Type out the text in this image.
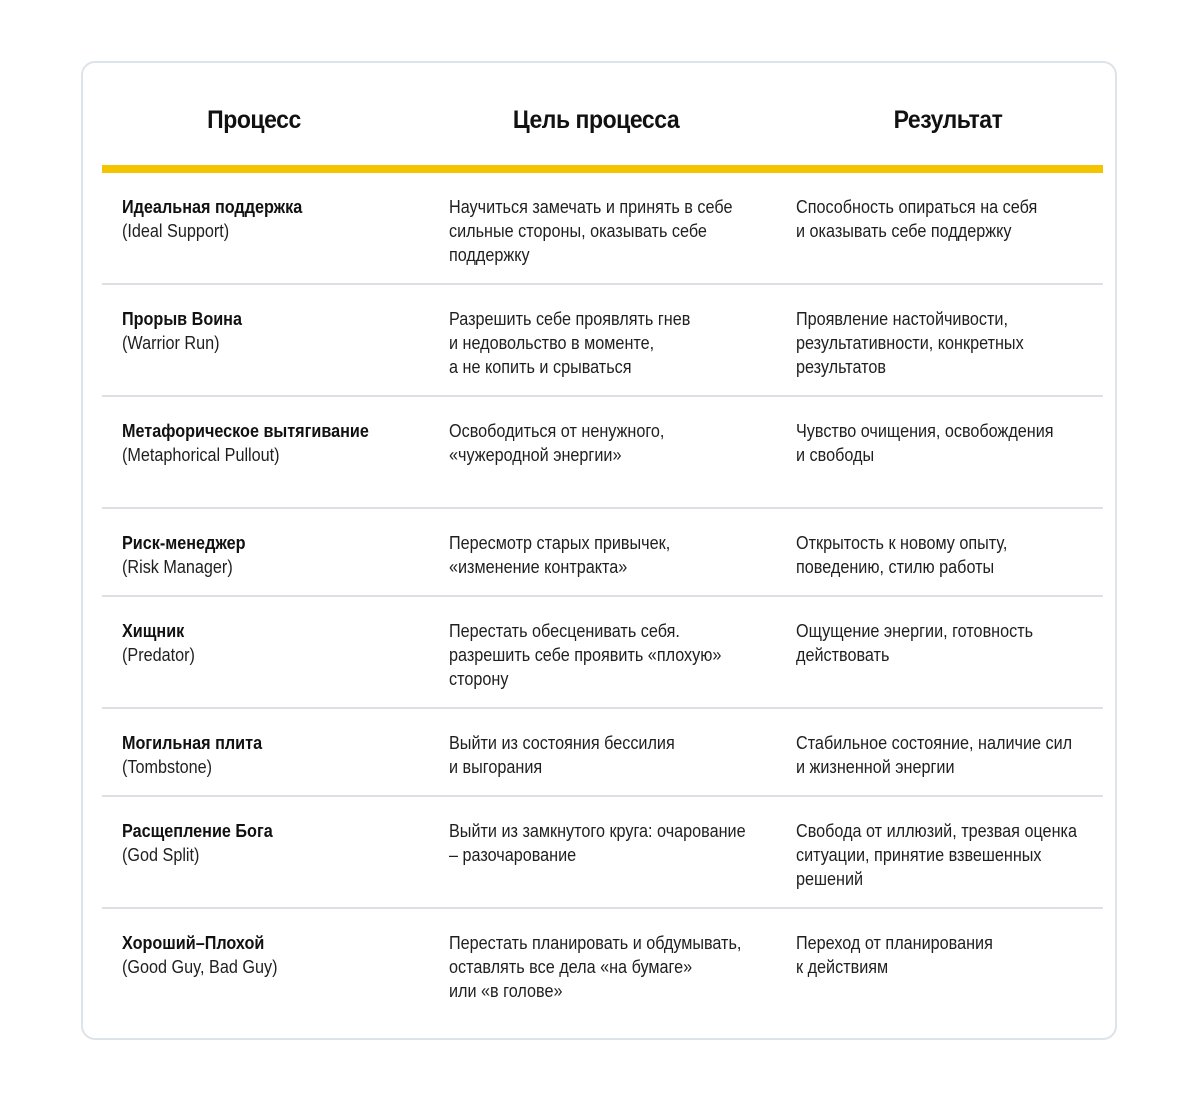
Процесс	Цель процесса	Результат
Идеальная поддержка
(Ideal Support)
Научиться замечать и принять в себе
сильные стороны, оказывать себе
поддержку
Способность опираться на себя
и оказывать себе поддержку
Прорыв Воина
(Warrior Run)
Разрешить себе проявлять гнев
и недовольство в моменте,
а не копить и срываться
Проявление настойчивости,
результативности, конкретных
результатов
Метафорическое вытягивание
(Metaphorical Pullout)
Освободиться от ненужного,
«чужеродной энергии»
Чувство очищения, освобождения
и свободы
Риск-менеджер
(Risk Manager)
Пересмотр старых привычек,
«изменение контракта»
Открытость к новому опыту,
поведению, стилю работы
Хищник
(Predator)
Перестать обесценивать себя.
разрешить себе проявить «плохую»
сторону
Ощущение энергии, готовность
действовать
Могильная плита
(Tombstone)
Выйти из состояния бессилия
и выгорания
Стабильное состояние, наличие сил
и жизненной энергии
Расщепление Бога
(God Split)
Выйти из замкнутого круга: очарование
– разочарование
Свобода от иллюзий, трезвая оценка
ситуации, принятие взвешенных
решений
Хороший–Плохой
(Good Guy, Bad Guy)
Перестать планировать и обдумывать,
оставлять все дела «на бумаге»
или «в голове»
Переход от планирования
к действиям
